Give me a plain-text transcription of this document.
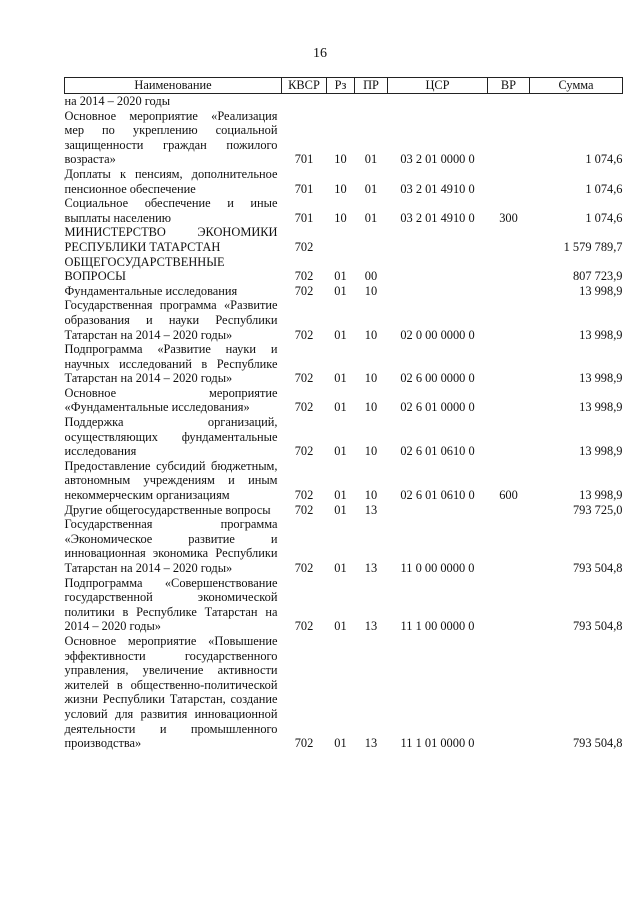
16
Наименование	КВСР	Рз	ПР	ЦСР	ВР	Сумма
на 2014 – 2020 годы						
Основное мероприятие «Реализация мер по укреплению социальной защищенности граждан пожилого возраста»	701	10	01	03 2 01 0000 0		1 074,6
Доплаты к пенсиям, дополнительное пенсионное обеспечение	701	10	01	03 2 01 4910 0		1 074,6
Социальное обеспечение и иные выплаты населению	701	10	01	03 2 01 4910 0	300	1 074,6
МИНИСТЕРСТВО ЭКОНОМИКИ РЕСПУБЛИКИ ТАТАРСТАН	702					1 579 789,7
ОБЩЕГОСУДАРСТВЕННЫЕ ВОПРОСЫ	702	01	00			807 723,9
Фундаментальные исследования	702	01	10			13 998,9
Государственная программа «Развитие образования и науки Республики Татарстан на 2014 – 2020 годы»	702	01	10	02 0 00 0000 0		13 998,9
Подпрограмма «Развитие науки и научных исследований в Республике Татарстан на 2014 – 2020 годы»	702	01	10	02 6 00 0000 0		13 998,9
Основное мероприятие «Фундаментальные исследования»	702	01	10	02 6 01 0000 0		13 998,9
Поддержка организаций, осуществляющих фундаментальные исследования	702	01	10	02 6 01 0610 0		13 998,9
Предоставление субсидий бюджетным, автономным учреждениям и иным некоммерческим организациям	702	01	10	02 6 01 0610 0	600	13 998,9
Другие общегосударственные вопросы	702	01	13			793 725,0
Государственная программа «Экономическое развитие и инновационная экономика Республики Татарстан на 2014 – 2020 годы»	702	01	13	11 0 00 0000 0		793 504,8
Подпрограмма «Совершенствование государственной экономической политики в Республике Татарстан на 2014 – 2020 годы»	702	01	13	11 1 00 0000 0		793 504,8
Основное мероприятие «Повышение эффективности государственного управления, увеличение активности жителей в общественно-политической жизни Республики Татарстан, создание условий для развития инновационной деятельности и промышленного производства»	702	01	13	11 1 01 0000 0		793 504,8
